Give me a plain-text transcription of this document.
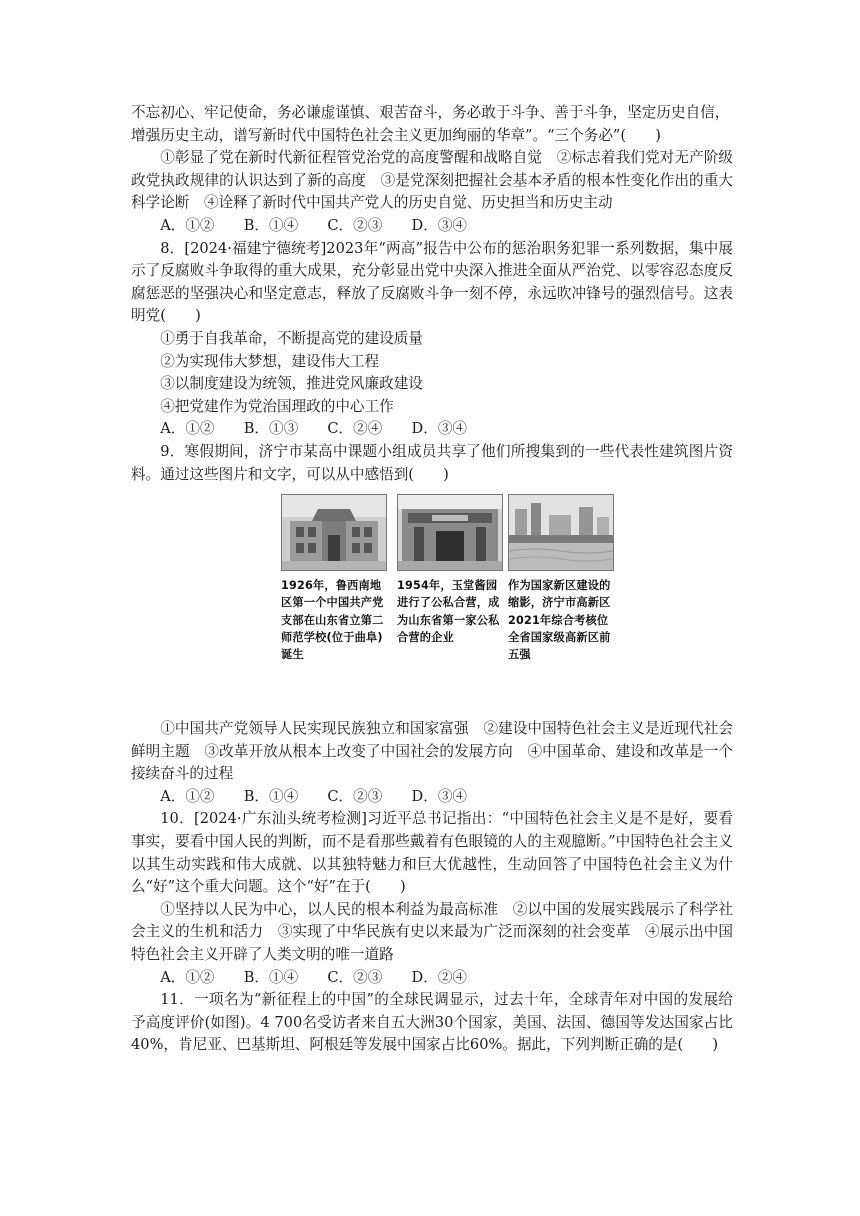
不忘初心、牢记使命，务必谦虚谨慎、艰苦奋斗，务必敢于斗争、善于斗争，坚定历史自信，

增强历史主动，谱写新时代中国特色社会主义更加绚丽的华章”。“三个务必”(　　)

①彰显了党在新时代新征程管党治党的高度警醒和战略自觉　②标志着我们党对无产阶级政党执政规律的认识达到了新的高度　③是党深刻把握社会基本矛盾的根本性变化作出的重大科学论断　④诠释了新时代中国共产党人的历史自觉、历史担当和历史主动

A．①②　　B．①④　　C．②③　　D．③④

8．[2024·福建宁德统考]2023年“两高”报告中公布的惩治职务犯罪一系列数据，集中展示了反腐败斗争取得的重大成果，充分彰显出党中央深入推进全面从严治党、以零容忍态度反腐惩恶的坚强决心和坚定意志，释放了反腐败斗争一刻不停，永远吹冲锋号的强烈信号。这表明党(　　)

①勇于自我革命，不断提高党的建设质量

②为实现伟大梦想，建设伟大工程

③以制度建设为统领，推进党风廉政建设

④把党建作为党治国理政的中心工作

A．①②　　B．①③　　C．②④　　D．③④

9．寒假期间，济宁市某高中课题小组成员共享了他们所搜集到的一些代表性建筑图片资料。通过这些图片和文字，可以从中感悟到(　　)

1926年，鲁西南地区第一个中国共产党支部在山东省立第二师范学校(位于曲阜)诞生
1954年，玉堂酱园进行了公私合营，成为山东省第一家公私合营的企业
作为国家新区建设的缩影，济宁市高新区2021年综合考核位全省国家级高新区前五强

①中国共产党领导人民实现民族独立和国家富强　②建设中国特色社会主义是近现代社会鲜明主题　③改革开放从根本上改变了中国社会的发展方向　④中国革命、建设和改革是一个接续奋斗的过程

A．①②　　B．①④　　C．②③　　D．③④

10．[2024·广东汕头统考检测]习近平总书记指出：“中国特色社会主义是不是好，要看事实，要看中国人民的判断，而不是看那些戴着有色眼镜的人的主观臆断。”中国特色社会主义以其生动实践和伟大成就、以其独特魅力和巨大优越性，生动回答了中国特色社会主义为什么“好”这个重大问题。这个“好”在于(　　)

①坚持以人民为中心，以人民的根本利益为最高标准　②以中国的发展实践展示了科学社会主义的生机和活力　③实现了中华民族有史以来最为广泛而深刻的社会变革　④展示出中国特色社会主义开辟了人类文明的唯一道路

A．①②　　B．①④　　C．②③　　D．②④

11．一项名为“新征程上的中国”的全球民调显示，过去十年，全球青年对中国的发展给予高度评价(如图)。4 700名受访者来自五大洲30个国家，美国、法国、德国等发达国家占比40%，肯尼亚、巴基斯坦、阿根廷等发展中国家占比60%。据此，下列判断正确的是(　　)
